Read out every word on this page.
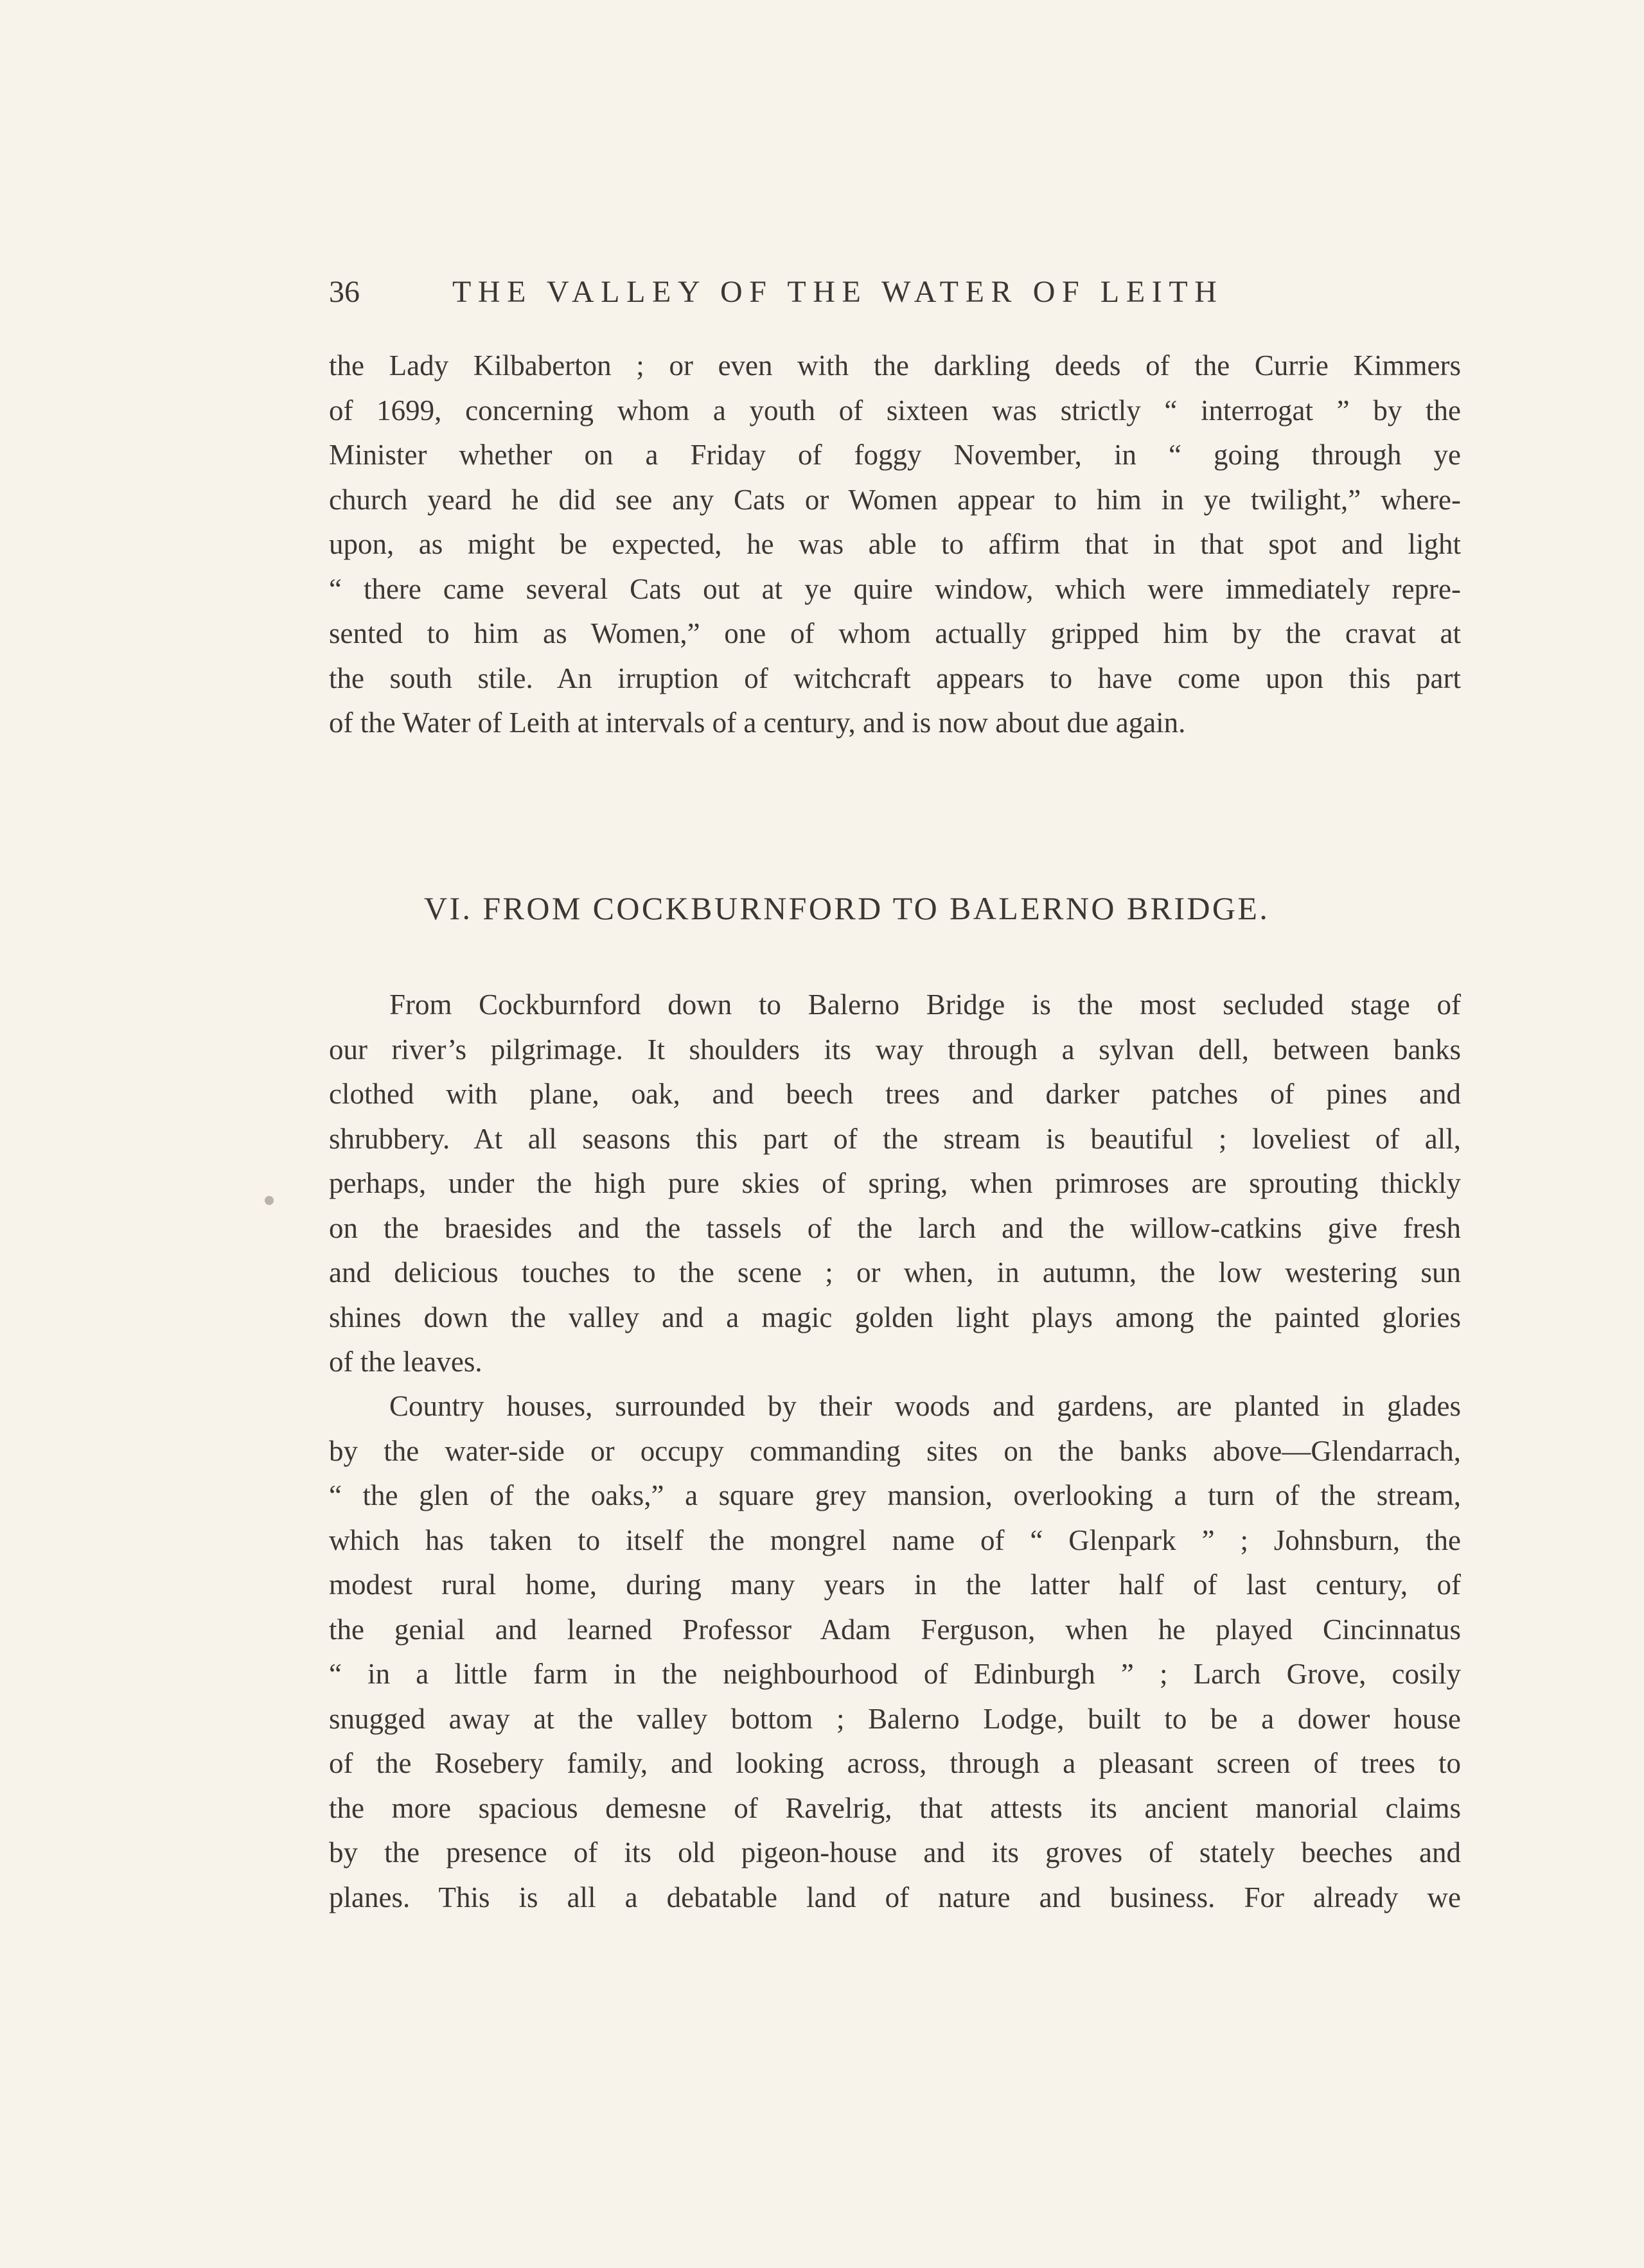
36	THE VALLEY OF THE WATER OF LEITH

the Lady Kilbaberton ; or even with the darkling deeds of the Currie Kimmers
of 1699, concerning whom a youth of sixteen was strictly “ interrogat ” by the
Minister whether on a Friday of foggy November, in “ going through ye
church yeard he did see any Cats or Women appear to him in ye twilight,” where-
upon, as might be expected, he was able to affirm that in that spot and light
“ there came several Cats out at ye quire window, which were immediately repre-
sented to him as Women,” one of whom actually gripped him by the cravat at
the south stile. An irruption of witchcraft appears to have come upon this part
of the Water of Leith at intervals of a century, and is now about due again.

VI. FROM COCKBURNFORD TO BALERNO BRIDGE.

From Cockburnford down to Balerno Bridge is the most secluded stage of
our river’s pilgrimage. It shoulders its way through a sylvan dell, between banks
clothed with plane, oak, and beech trees and darker patches of pines and
shrubbery. At all seasons this part of the stream is beautiful ; loveliest of all,
perhaps, under the high pure skies of spring, when primroses are sprouting thickly
on the braesides and the tassels of the larch and the willow-catkins give fresh
and delicious touches to the scene ; or when, in autumn, the low westering sun
shines down the valley and a magic golden light plays among the painted glories
of the leaves.

Country houses, surrounded by their woods and gardens, are planted in glades
by the water-side or occupy commanding sites on the banks above—Glendarrach,
“ the glen of the oaks,” a square grey mansion, overlooking a turn of the stream,
which has taken to itself the mongrel name of “ Glenpark ” ; Johnsburn, the
modest rural home, during many years in the latter half of last century, of
the genial and learned Professor Adam Ferguson, when he played Cincinnatus
“ in a little farm in the neighbourhood of Edinburgh ” ; Larch Grove, cosily
snugged away at the valley bottom ; Balerno Lodge, built to be a dower house
of the Rosebery family, and looking across, through a pleasant screen of trees to
the more spacious demesne of Ravelrig, that attests its ancient manorial claims
by the presence of its old pigeon-house and its groves of stately beeches and
planes. This is all a debatable land of nature and business. For already we
